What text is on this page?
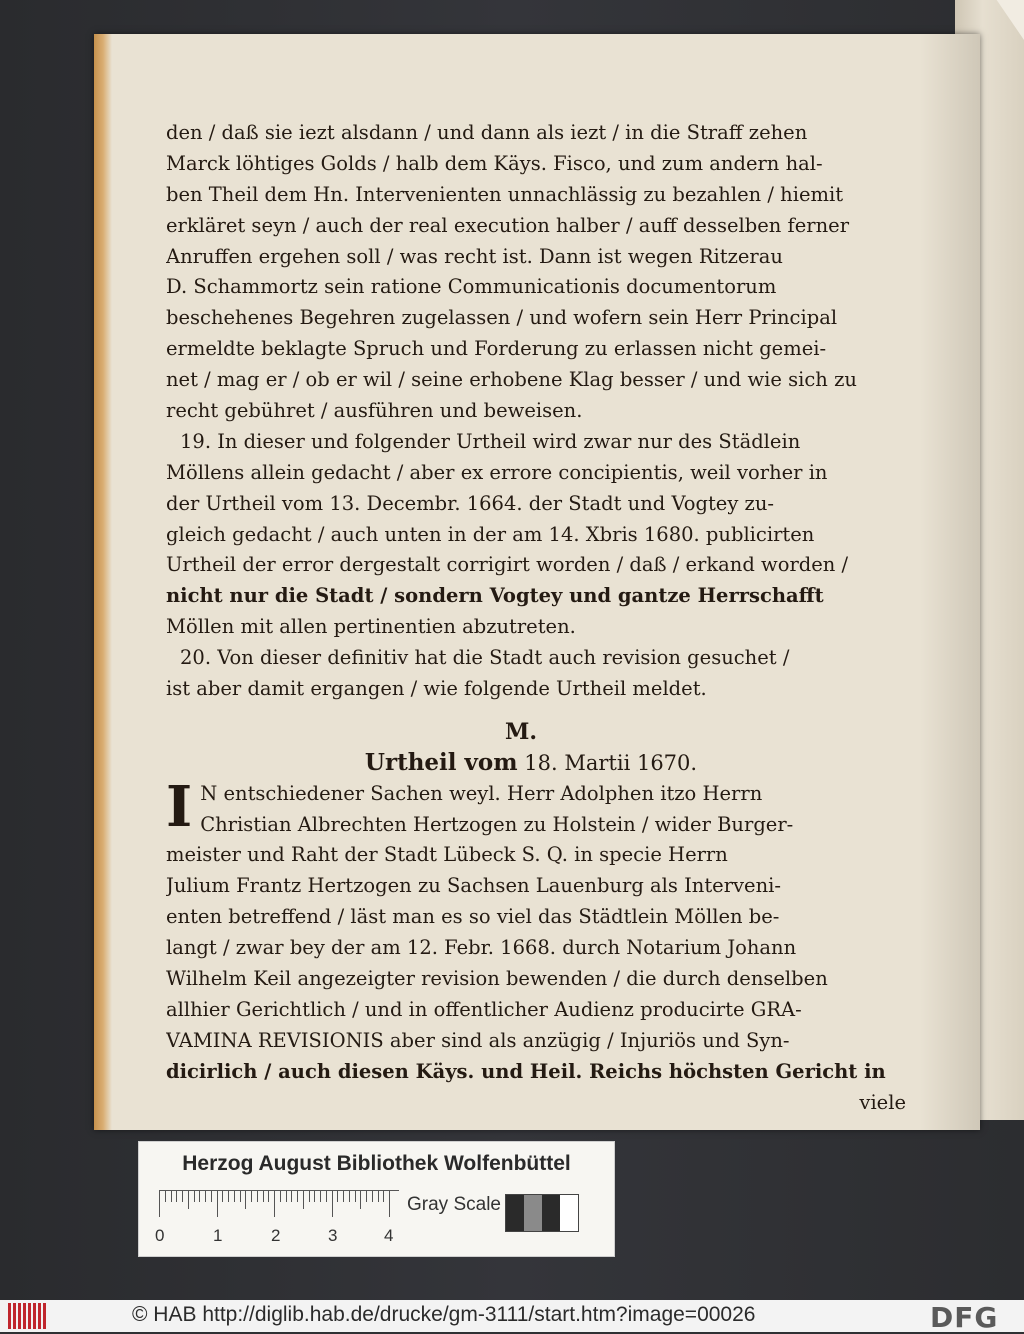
den / daß sie iezt alsdann / und dann als iezt / in die Straff zehen
Marck löhtiges Golds / halb dem Käys. Fisco, und zum andern hal-
ben Theil dem Hn. Intervenienten unnachlässig zu bezahlen / hiemit
erkläret seyn / auch der real execution halber / auff desselben ferner
Anruffen ergehen soll / was recht ist. Dann ist wegen Ritzerau
D. Schammortz sein ratione Communicationis documentorum
beschehenes Begehren zugelassen / und wofern sein Herr Principal
ermeldte beklagte Spruch und Forderung zu erlassen nicht gemei-
net / mag er / ob er wil / seine erhobene Klag besser / und wie sich zu
recht gebühret / ausführen und beweisen.
19. In dieser und folgender Urtheil wird zwar nur des Städlein
Möllens allein gedacht / aber ex errore concipientis, weil vorher in
der Urtheil vom 13. Decembr. 1664. der Stadt und Vogtey zu-
gleich gedacht / auch unten in der am 14. Xbris 1680. publicirten
Urtheil der error dergestalt corrigirt worden / daß / erkand worden /
nicht nur die Stadt / sondern Vogtey und gantze Herrschafft
Möllen mit allen pertinentien abzutreten.
20. Von dieser definitiv hat die Stadt auch revision gesuchet /
ist aber damit ergangen / wie folgende Urtheil meldet.
M.
Urtheil vom 18. Martii 1670.
I N entschiedener Sachen weyl. Herr Adolphen itzo Herrn
Christian Albrechten Hertzogen zu Holstein / wider Burger-
meister und Raht der Stadt Lübeck S. Q. in specie Herrn
Julium Frantz Hertzogen zu Sachsen Lauenburg als Interveni-
enten betreffend / läst man es so viel das Städtlein Möllen be-
langt / zwar bey der am 12. Febr. 1668. durch Notarium Johann
Wilhelm Keil angezeigter revision bewenden / die durch denselben
allhier Gerichtlich / und in offentlicher Audienz producirte GRA-
VAMINA REVISIONIS aber sind als anzügig / Injuriös und Syn-
dicirlich / auch diesen Käys. und Heil. Reichs höchsten Gericht in
viele
Herzog August Bibliothek Wolfenbüttel
0	1	2	3	4
Gray Scale
© HAB http://diglib.hab.de/drucke/gm-3111/start.htm?image=00026	DFG
